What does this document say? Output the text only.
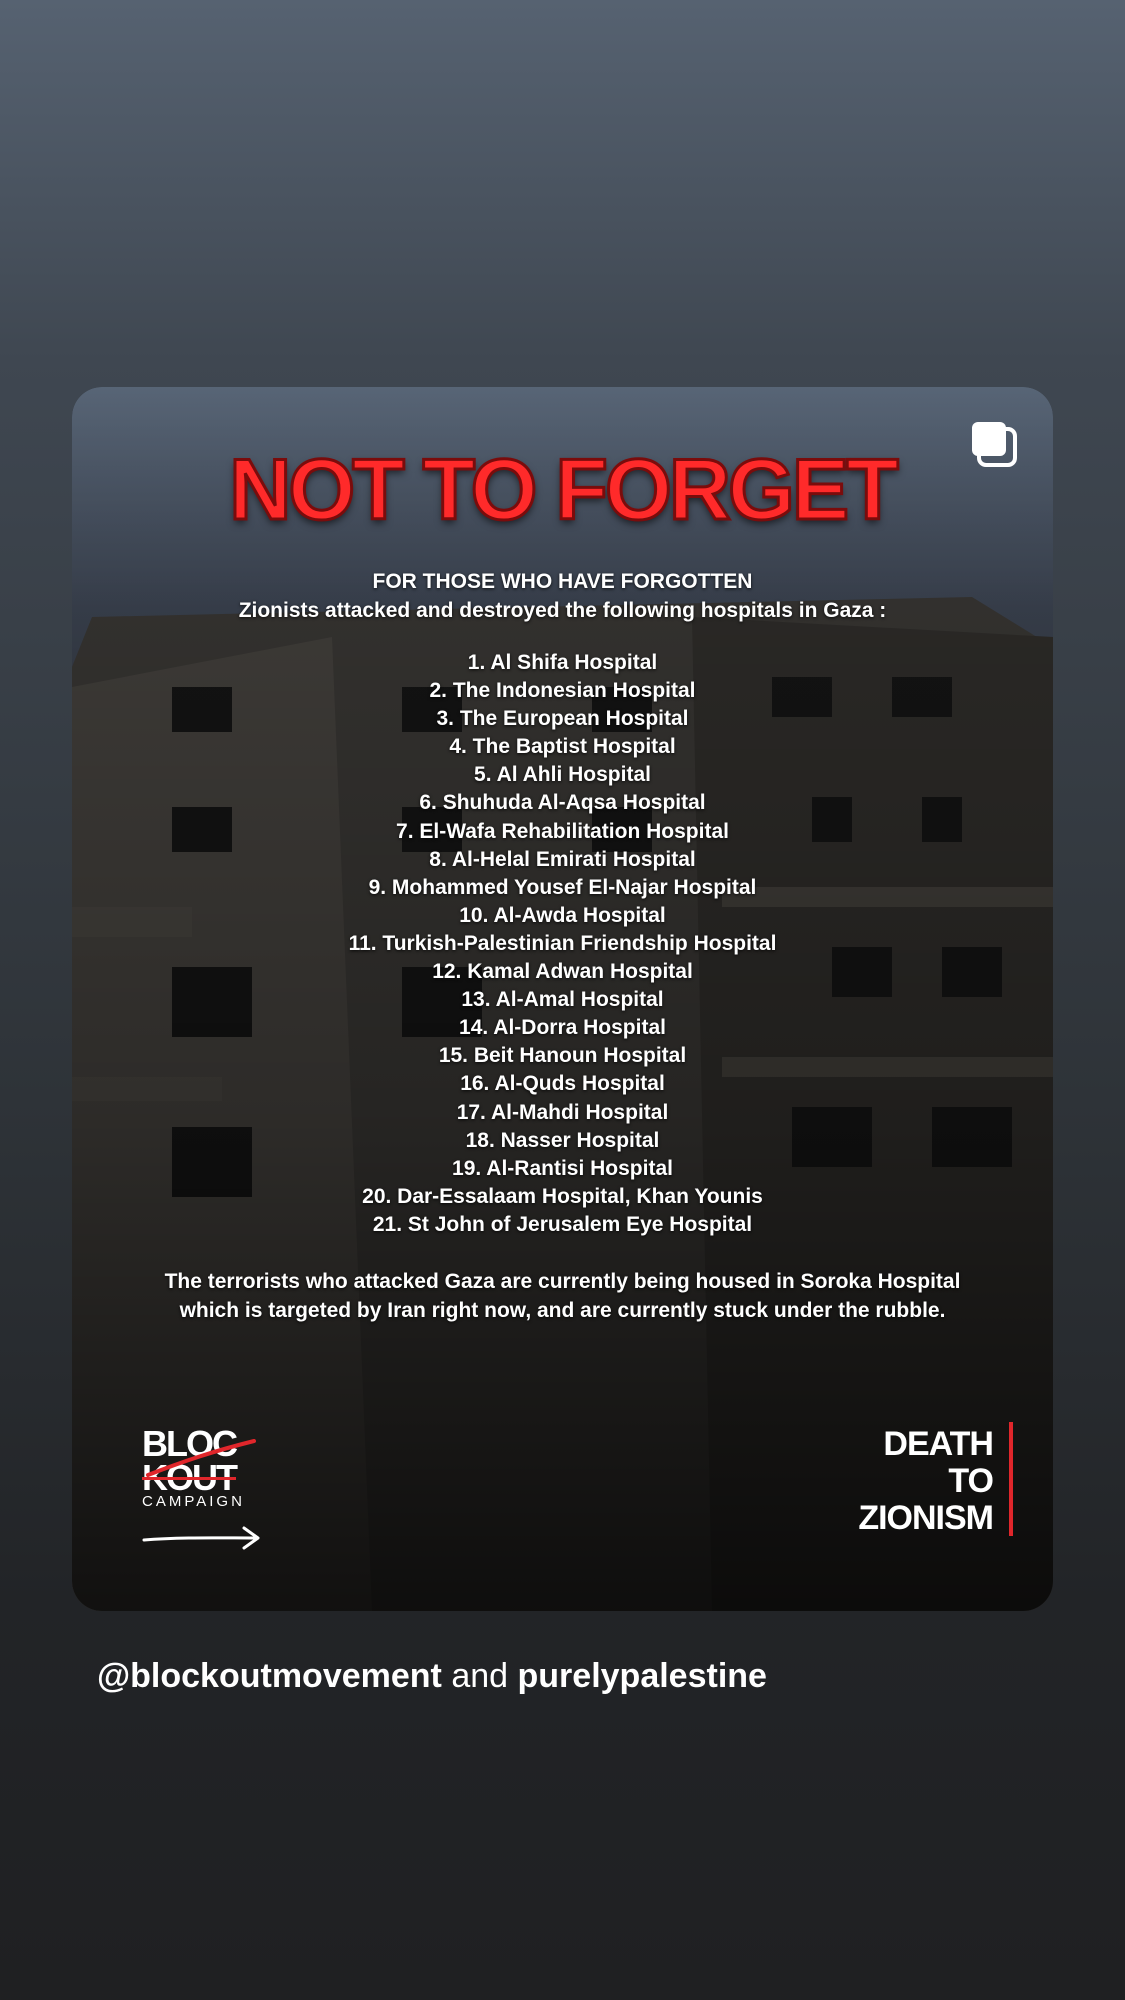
NOT TO FORGET
FOR THOSE WHO HAVE FORGOTTEN
Zionists attacked and destroyed the following hospitals in Gaza :
1. Al Shifa Hospital
2. The Indonesian Hospital
3. The European Hospital
4. The Baptist Hospital
5. Al Ahli Hospital
6. Shuhuda Al-Aqsa Hospital
7. El-Wafa Rehabilitation Hospital
8. Al-Helal Emirati Hospital
9. Mohammed Yousef El-Najar Hospital
10. Al-Awda Hospital
11. Turkish-Palestinian Friendship Hospital
12. Kamal Adwan Hospital
13. Al-Amal Hospital
14. Al-Dorra Hospital
15. Beit Hanoun Hospital
16. Al-Quds Hospital
17. Al-Mahdi Hospital
18. Nasser Hospital
19. Al-Rantisi Hospital
20. Dar-Essalaam Hospital, Khan Younis
21. St John of Jerusalem Eye Hospital
The terrorists who attacked Gaza are currently being housed in Soroka Hospital which is targeted by Iran right now, and are currently stuck under the rubble.
BLOC
KOUT
CAMPAIGN
DEATH
TO
ZIONISM
@blockoutmovement and purelypalestine
